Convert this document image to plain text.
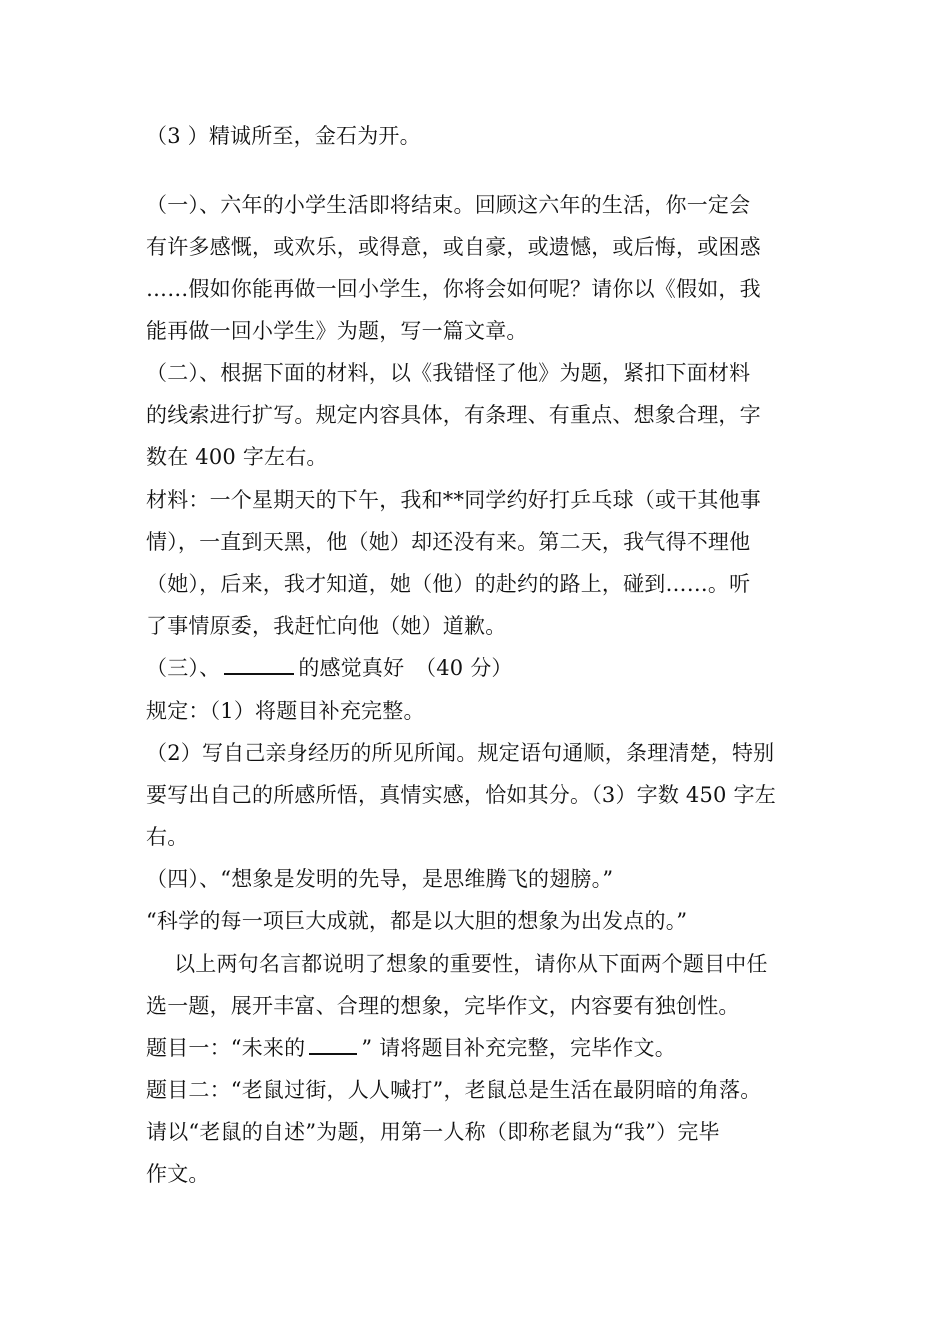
（3 ）精诚所至，金石为开。
（一）、六年的小学生活即将结束。回顾这六年的生活，你一定会
有许多感慨，或欢乐，或得意，或自豪，或遗憾，或后悔，或困惑
……假如你能再做一回小学生，你将会如何呢？请你以《假如，我
能再做一回小学生》为题，写一篇文章。
（二）、根据下面的材料，以《我错怪了他》为题，紧扣下面材料
的线索进行扩写。规定内容具体，有条理、有重点、想象合理，字
数在 400 字左右。
材料：一个星期天的下午，我和**同学约好打乒乓球（或干其他事
情），一直到天黑，他（她）却还没有来。第二天，我气得不理他
（她），后来，我才知道，她（他）的赴约的路上，碰到……。听
了事情原委，我赶忙向他（她）道歉。
（三）、	的感觉真好　（40 分）
规定：（1）将题目补充完整。
（2）写自己亲身经历的所见所闻。规定语句通顺，条理清楚，特别
要写出自己的所感所悟，真情实感，恰如其分。（3）字数 450 字左
右。
（四）、“想象是发明的先导，是思维腾飞的翅膀。”
“科学的每一项巨大成就，都是以大胆的想象为出发点的。”
　 以上两句名言都说明了想象的重要性，请你从下面两个题目中任
选一题，展开丰富、合理的想象，完毕作文，内容要有独创性。
题目一：“未来的	” 请将题目补充完整，完毕作文。
题目二：“老鼠过街，人人喊打”，老鼠总是生活在最阴暗的角落。
请以“老鼠的自述”为题，用第一人称（即称老鼠为“我”）完毕
作文。
